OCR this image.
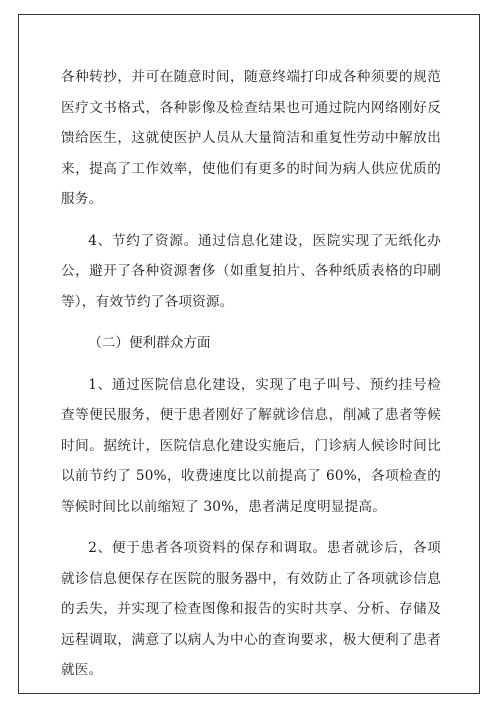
各种转抄，并可在随意时间，随意终端打印成各种须要的规范医疗文书格式，各种影像及检查结果也可通过院内网络刚好反馈给医生，这就使医护人员从大量简洁和重复性劳动中解放出来，提高了工作效率，使他们有更多的时间为病人供应优质的服务。

4、节约了资源。通过信息化建设，医院实现了无纸化办公，避开了各种资源奢侈（如重复拍片、各种纸质表格的印刷等），有效节约了各项资源。

（二）便利群众方面

1、通过医院信息化建设，实现了电子叫号、预约挂号检查等便民服务，便于患者刚好了解就诊信息，削减了患者等候时间。据统计，医院信息化建设实施后，门诊病人候诊时间比以前节约了 50%，收费速度比以前提高了 60%，各项检查的等候时间比以前缩短了 30%，患者满足度明显提高。

2、便于患者各项资料的保存和调取。患者就诊后，各项就诊信息便保存在医院的服务器中，有效防止了各项就诊信息的丢失，并实现了检查图像和报告的实时共享、分析、存储及远程调取，满意了以病人为中心的查询要求，极大便利了患者就医。
